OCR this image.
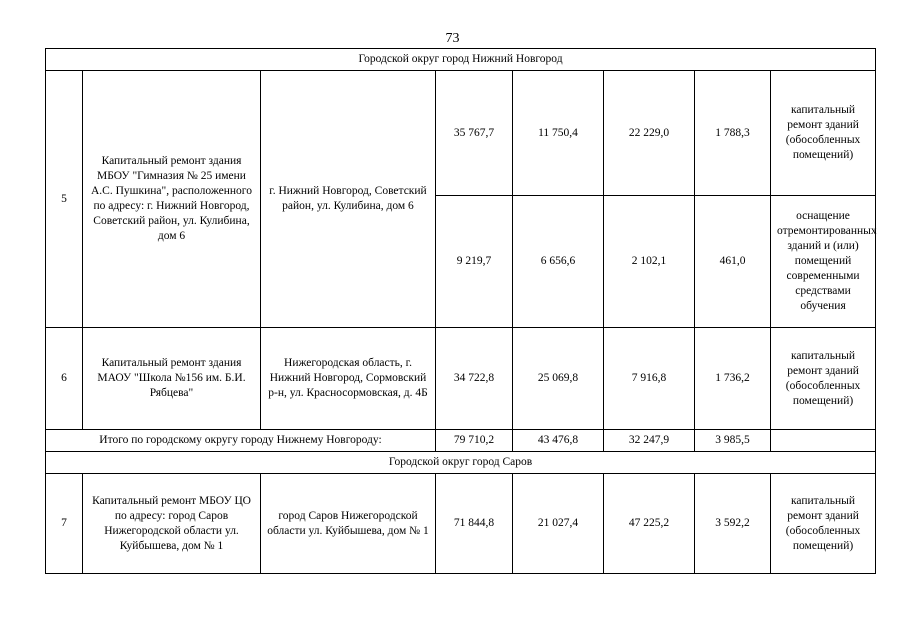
73
Городской округ город Нижний Новгород							
5	Капитальный ремонт здания МБОУ "Гимназия № 25 имени А.С. Пушкина", расположенного по адресу: г. Нижний Новгород, Советский район, ул. Кулибина, дом 6	г. Нижний Новгород, Советский район, ул. Кулибина, дом 6	35 767,7	11 750,4	22 229,0	1 788,3	капитальный ремонт зданий (обособленных помещений)
			9 219,7	6 656,6	2 102,1	461,0	оснащение отремонтированных зданий и (или) помещений современными средствами обучения
6	Капитальный ремонт здания МАОУ "Школа №156 им. Б.И. Рябцева"	Нижегородская область, г. Нижний Новгород, Сормовский р-н, ул. Красносормовская, д. 4Б	34 722,8	25 069,8	7 916,8	1 736,2	капитальный ремонт зданий (обособленных помещений)
Итого по городскому округу городу Нижнему Новгороду:			79 710,2	43 476,8	32 247,9	3 985,5	
Городской округ город Саров							
7	Капитальный ремонт МБОУ ЦО по адресу: город Саров Нижегородской области ул. Куйбышева, дом № 1	город Саров Нижегородской области ул. Куйбышева, дом № 1	71 844,8	21 027,4	47 225,2	3 592,2	капитальный ремонт зданий (обособленных помещений)
